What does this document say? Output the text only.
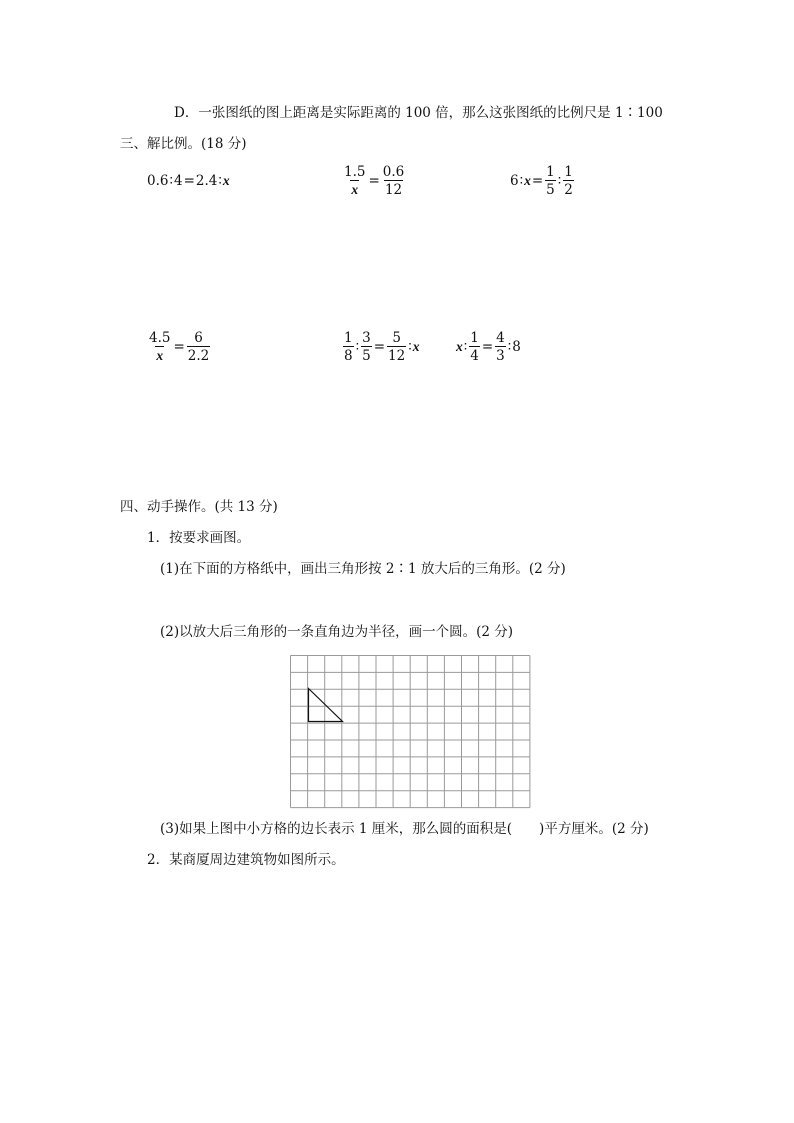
D．一张图纸的图上距离是实际距离的 100 倍，那么这张图纸的比例尺是 1∶100
三、解比例。(18 分)
0.6 ∶ 4 = 2.4 ∶ x	$\frac{1.5}{x} = \frac{0.6}{12}$	6 ∶ $x = \frac{1}{5}$ ∶ $\frac{1}{2}$
$\frac{4.5}{x} = \frac{6}{2.2}$	$\frac{1}{8}$ ∶ $\frac{3}{5} = \frac{5}{12}$ ∶ x	x ∶ $\frac{1}{4} = \frac{4}{3}$ ∶ 8
四、动手操作。(共 13 分)
1．按要求画图。
(1)在下面的方格纸中，画出三角形按 2∶1 放大后的三角形。(2 分)
(2)以放大后三角形的一条直角边为半径，画一个圆。(2 分)
(3)如果上图中小方格的边长表示 1 厘米，那么圆的面积是(　　)平方厘米。(2 分)
2．某商厦周边建筑物如图所示。
